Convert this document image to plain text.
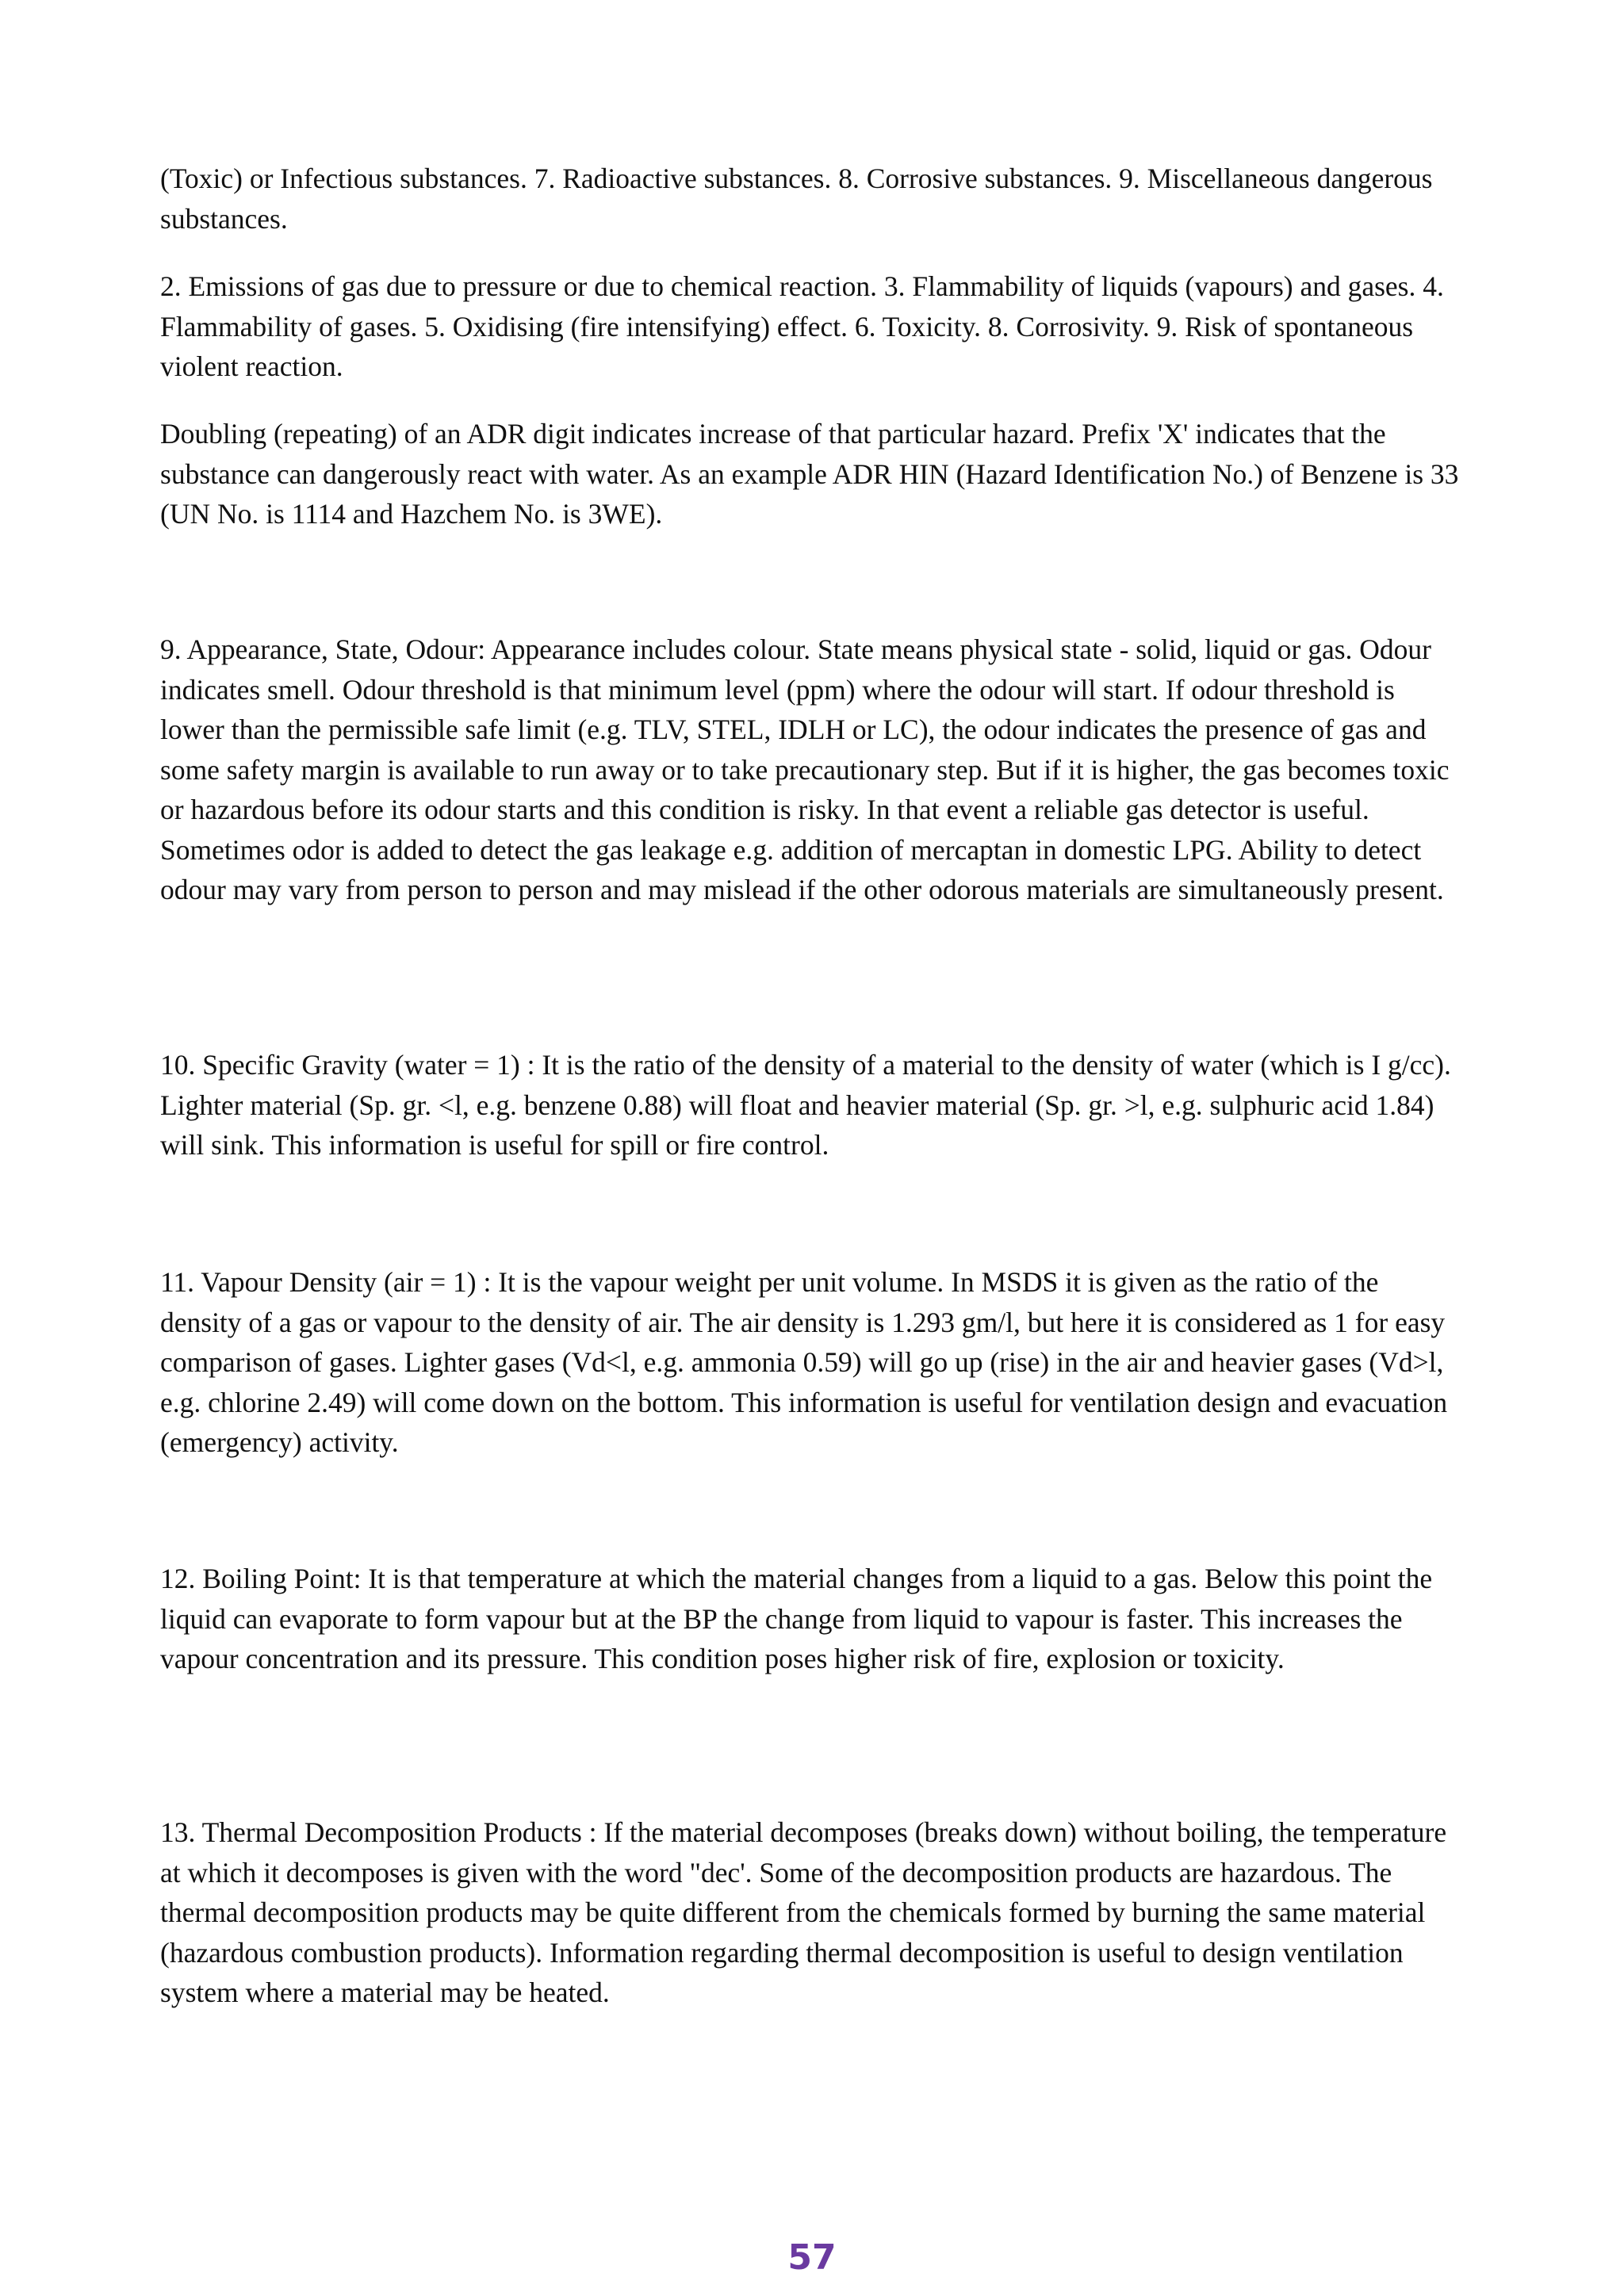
(Toxic) or Infectious substances. 7. Radioactive substances. 8. Corrosive substances. 9. Miscellaneous dangerous substances.

2. Emissions of gas due to pressure or due to chemical reaction. 3. Flammability of liquids (vapours) and gases. 4. Flammability of gases. 5. Oxidising (fire intensifying) effect. 6. Toxicity. 8. Corrosivity. 9. Risk of spontaneous violent reaction.

Doubling (repeating) of an ADR digit indicates increase of that particular hazard. Prefix 'X' indicates that the substance can dangerously react with water. As an example ADR HIN (Hazard Identification No.) of Benzene is 33 (UN No. is 1114 and Hazchem No. is 3WE).

9. Appearance, State, Odour: Appearance includes colour. State means physical state - solid, liquid or gas. Odour indicates smell. Odour threshold is that minimum level (ppm) where the odour will start. If odour threshold is lower than the permissible safe limit (e.g. TLV, STEL, IDLH or LC), the odour indicates the presence of gas and some safety margin is available to run away or to take precautionary step. But if it is higher, the gas becomes toxic or hazardous before its odour starts and this condition is risky. In that event a reliable gas detector is useful. Sometimes odor is added to detect the gas leakage e.g. addition of mercaptan in domestic LPG. Ability to detect odour may vary from person to person and may mislead if the other odorous materials are simultaneously present.

10. Specific Gravity (water = 1) : It is the ratio of the density of a material to the density of water (which is I g/cc). Lighter material (Sp. gr. <l, e.g. benzene 0.88) will float and heavier material (Sp. gr. >l, e.g. sulphuric acid 1.84) will sink. This information is useful for spill or fire control.

11. Vapour Density (air = 1) : It is the vapour weight per unit volume. In MSDS it is given as the ratio of the density of a gas or vapour to the density of air. The air density is 1.293 gm/l, but here it is considered as 1 for easy comparison of gases. Lighter gases (Vd<l, e.g. ammonia 0.59) will go up (rise) in the air and heavier gases (Vd>l, e.g. chlorine 2.49) will come down on the bottom. This information is useful for ventilation design and evacuation (emergency) activity.

12. Boiling Point: It is that temperature at which the material changes from a liquid to a gas. Below this point the liquid can evaporate to form vapour but at the BP the change from liquid to vapour is faster. This increases the vapour concentration and its pressure. This condition poses higher risk of fire, explosion or toxicity.

13. Thermal Decomposition Products : If the material decomposes (breaks down) without boiling, the temperature at which it decomposes is given with the word "dec'. Some of the decomposition products are hazardous. The thermal decomposition products may be quite different from the chemicals formed by burning the same material (hazardous combustion products). Information regarding thermal decomposition is useful to design ventilation system where a material may be heated.

57
